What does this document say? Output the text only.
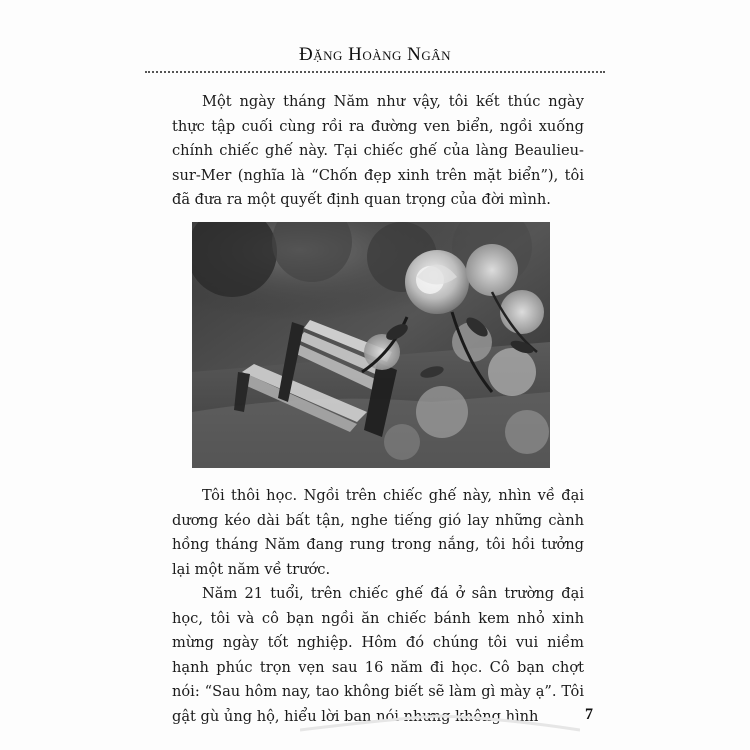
Đặng Hoàng Ngân

Một ngày tháng Năm như vậy, tôi kết thúc ngày thực tập cuối cùng rồi ra đường ven biển, ngồi xuống chính chiếc ghế này. Tại chiếc ghế của làng Beaulieu-sur-Mer (nghĩa là “Chốn đẹp xinh trên mặt biển”), tôi đã đưa ra một quyết định quan trọng của đời mình.

Tôi thôi học. Ngồi trên chiếc ghế này, nhìn về đại dương kéo dài bất tận, nghe tiếng gió lay những cành hồng tháng Năm đang rung trong nắng, tôi hồi tưởng lại một năm về trước.

Năm 21 tuổi, trên chiếc ghế đá ở sân trường đại học, tôi và cô bạn ngồi ăn chiếc bánh kem nhỏ xinh mừng ngày tốt nghiệp. Hôm đó chúng tôi vui niềm hạnh phúc trọn vẹn sau 16 năm đi học. Cô bạn chợt nói: “Sau hôm nay, tao không biết sẽ làm gì mày ạ”. Tôi gật gù ủng hộ, hiểu lời bạn nói nhưng không hình	7
